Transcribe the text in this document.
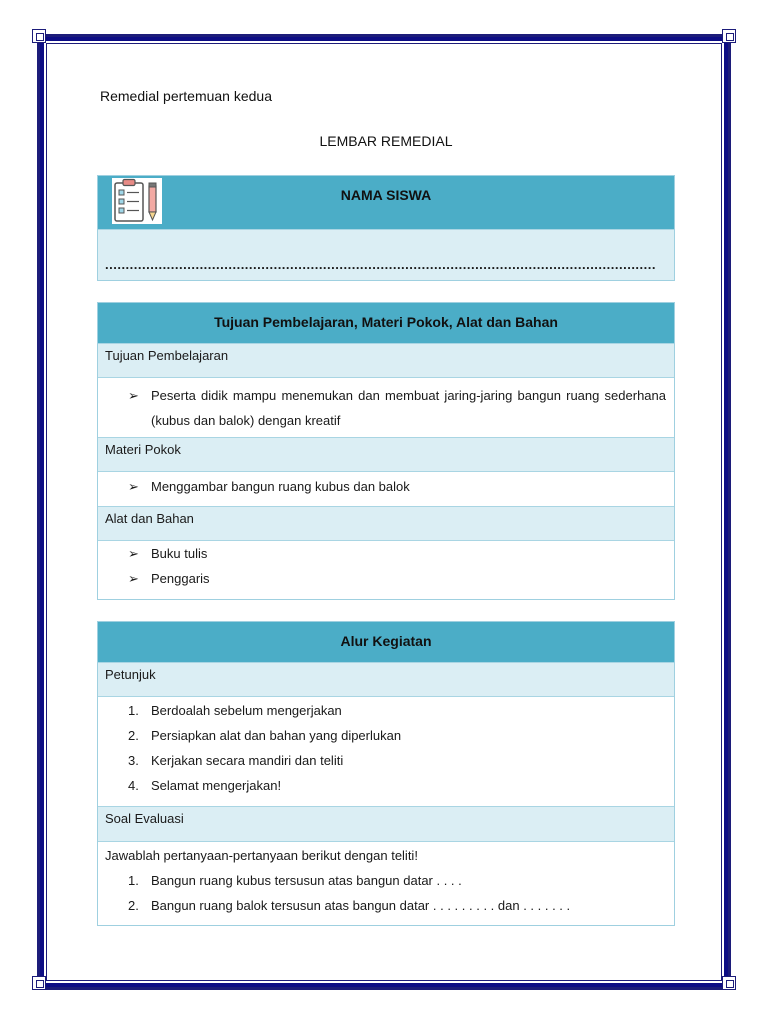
Remedial pertemuan kedua
LEMBAR REMEDIAL
NAMA SISWA
......................................................................................................................................
Tujuan Pembelajaran, Materi Pokok, Alat dan Bahan
Tujuan Pembelajaran
➢ Peserta didik mampu menemukan dan membuat jaring-jaring bangun ruang sederhana (kubus dan balok) dengan kreatif
Materi Pokok
➢ Menggambar bangun ruang kubus dan balok
Alat dan Bahan
➢ Buku tulis
➢ Penggaris
Alur Kegiatan
Petunjuk
1. Berdoalah sebelum mengerjakan
2. Persiapkan alat dan bahan yang diperlukan
3. Kerjakan secara mandiri dan teliti
4. Selamat mengerjakan!
Soal Evaluasi
Jawablah pertanyaan-pertanyaan berikut dengan teliti!
1. Bangun ruang kubus tersusun atas bangun datar . . . .
2. Bangun ruang balok tersusun atas bangun datar . . . . . . . . . dan . . . . . . .
